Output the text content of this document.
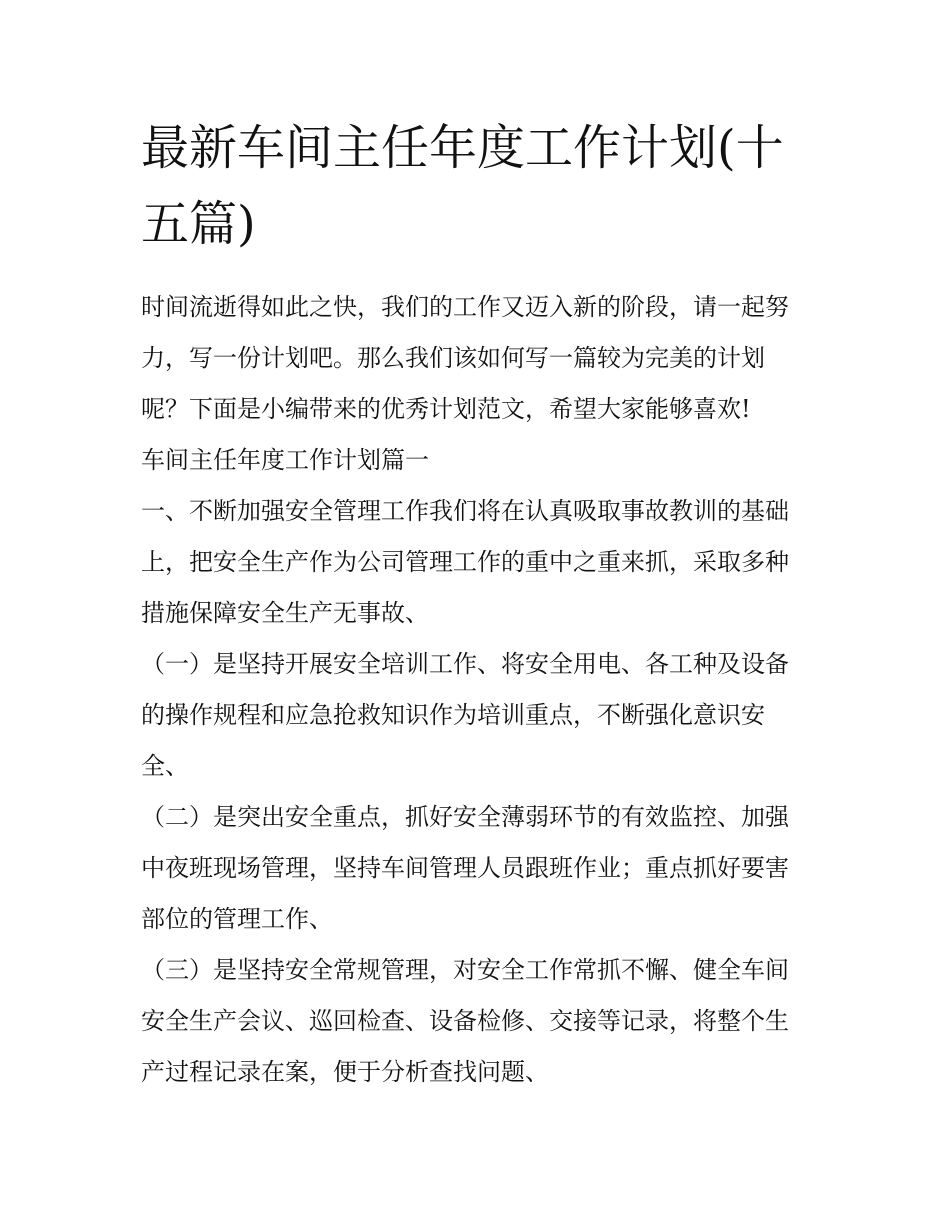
最新车间主任年度工作计划(十
五篇)

时间流逝得如此之快，我们的工作又迈入新的阶段，请一起努
力，写一份计划吧。那么我们该如何写一篇较为完美的计划
呢？下面是小编带来的优秀计划范文，希望大家能够喜欢!

车间主任年度工作计划篇一

一、不断加强安全管理工作我们将在认真吸取事故教训的基础
上，把安全生产作为公司管理工作的重中之重来抓，采取多种
措施保障安全生产无事故、

（一）是坚持开展安全培训工作、将安全用电、各工种及设备
的操作规程和应急抢救知识作为培训重点，不断强化意识安
全、

（二）是突出安全重点，抓好安全薄弱环节的有效监控、加强
中夜班现场管理，坚持车间管理人员跟班作业；重点抓好要害
部位的管理工作、

（三）是坚持安全常规管理，对安全工作常抓不懈、健全车间
安全生产会议、巡回检查、设备检修、交接等记录，将整个生
产过程记录在案，便于分析查找问题、
